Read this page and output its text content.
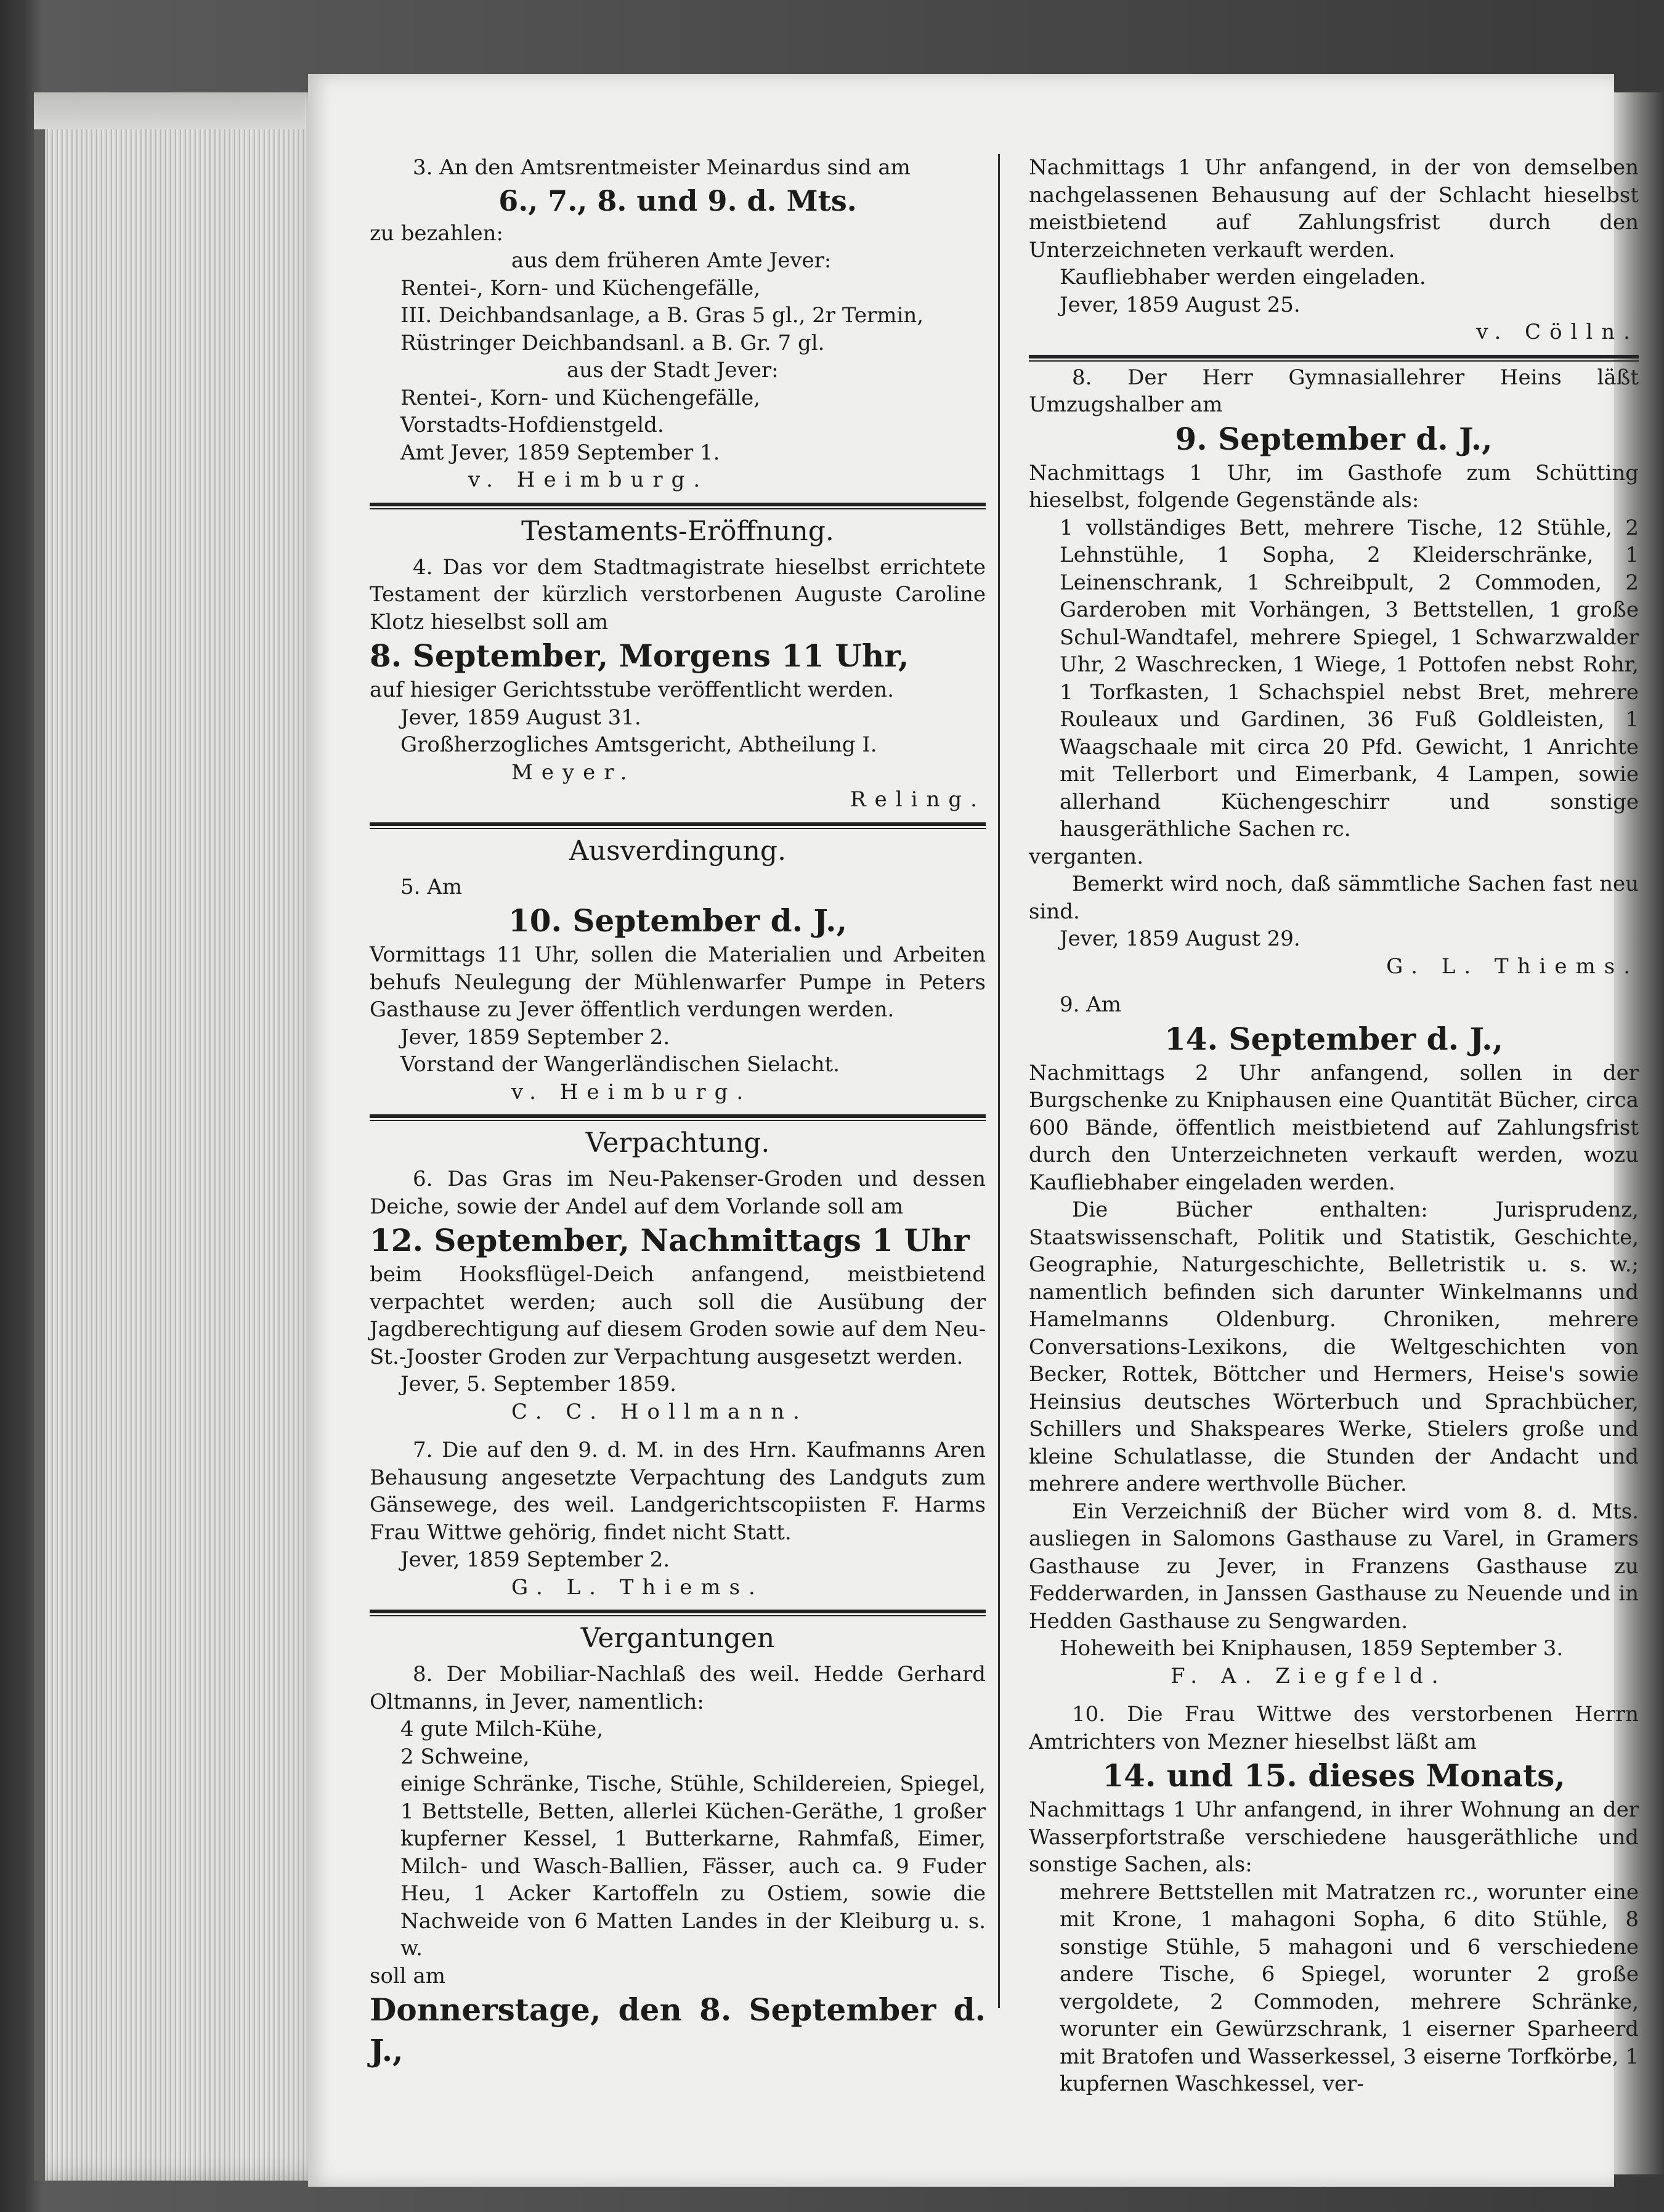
3. An den Amtsrentmeister Meinardus sind am

6., 7., 8. und 9. d. Mts.

zu bezahlen:

aus dem früheren Amte Jever:

Rentei-, Korn- und Küchengefälle,

III. Deichbandsanlage, a B. Gras 5 gl., 2r Termin,

Rüstringer Deichbandsanl. a B. Gr. 7 gl.

aus der Stadt Jever:

Rentei-, Korn- und Küchengefälle,

Vorstadts-Hofdienstgeld.

Amt Jever, 1859 September 1.

v. Heimburg.

Testaments-Eröffnung.

4. Das vor dem Stadtmagistrate hieselbst errichtete Testament der kürzlich verstorbenen Auguste Caroline Klotz hieselbst soll am

8. September, Morgens 11 Uhr,

auf hiesiger Gerichtsstube veröffentlicht werden.

Jever, 1859 August 31.

Großherzogliches Amtsgericht, Abtheilung I.

Meyer.

Reling.

Ausverdingung.

5. Am

10. September d. J.,

Vormittags 11 Uhr, sollen die Materialien und Arbeiten behufs Neulegung der Mühlenwarfer Pumpe in Peters Gasthause zu Jever öffentlich verdungen werden.

Jever, 1859 September 2.

Vorstand der Wangerländischen Sielacht.

v. Heimburg.

Verpachtung.

6. Das Gras im Neu-Pakenser-Groden und dessen Deiche, sowie der Andel auf dem Vorlande soll am

12. September, Nachmittags 1 Uhr

beim Hooksflügel-Deich anfangend, meistbietend verpachtet werden; auch soll die Ausübung der Jagdberechtigung auf diesem Groden sowie auf dem Neu-St.-Jooster Groden zur Verpachtung ausgesetzt werden.

Jever, 5. September 1859.

C. C. Hollmann.

7. Die auf den 9. d. M. in des Hrn. Kaufmanns Aren Behausung angesetzte Verpachtung des Landguts zum Gänsewege, des weil. Landgerichtscopiisten F. Harms Frau Wittwe gehörig, findet nicht Statt.

Jever, 1859 September 2.

G. L. Thiems.

Vergantungen

8. Der Mobiliar-Nachlaß des weil. Hedde Gerhard Oltmanns, in Jever, namentlich:

4 gute Milch-Kühe,

2 Schweine,

einige Schränke, Tische, Stühle, Schildereien, Spiegel, 1 Bettstelle, Betten, allerlei Küchen-Geräthe, 1 großer kupferner Kessel, 1 Butterkarne, Rahmfaß, Eimer, Milch- und Wasch-Ballien, Fässer, auch ca. 9 Fuder Heu, 1 Acker Kartoffeln zu Ostiem, sowie die Nachweide von 6 Matten Landes in der Kleiburg u. s. w.

soll am

Donnerstage, den 8. September d. J.,

Nachmittags 1 Uhr anfangend, in der von demselben nachgelassenen Behausung auf der Schlacht hieselbst meistbietend auf Zahlungsfrist durch den Unterzeichneten verkauft werden.

Kaufliebhaber werden eingeladen.

Jever, 1859 August 25.

v. Cölln.

8. Der Herr Gymnasiallehrer Heins läßt Umzugshalber am

9. September d. J.,

Nachmittags 1 Uhr, im Gasthofe zum Schütting hieselbst, folgende Gegenstände als:

1 vollständiges Bett, mehrere Tische, 12 Stühle, 2 Lehnstühle, 1 Sopha, 2 Kleiderschränke, 1 Leinenschrank, 1 Schreibpult, 2 Commoden, 2 Garderoben mit Vorhängen, 3 Bettstellen, 1 große Schul-Wandtafel, mehrere Spiegel, 1 Schwarzwalder Uhr, 2 Waschrecken, 1 Wiege, 1 Pottofen nebst Rohr, 1 Torfkasten, 1 Schachspiel nebst Bret, mehrere Rouleaux und Gardinen, 36 Fuß Goldleisten, 1 Waagschaale mit circa 20 Pfd. Gewicht, 1 Anrichte mit Tellerbort und Eimerbank, 4 Lampen, sowie allerhand Küchengeschirr und sonstige hausgeräthliche Sachen rc.

verganten.

Bemerkt wird noch, daß sämmtliche Sachen fast neu sind.

Jever, 1859 August 29.

G. L. Thiems.

9. Am

14. September d. J.,

Nachmittags 2 Uhr anfangend, sollen in der Burgschenke zu Kniphausen eine Quantität Bücher, circa 600 Bände, öffentlich meistbietend auf Zahlungsfrist durch den Unterzeichneten verkauft werden, wozu Kaufliebhaber eingeladen werden.

Die Bücher enthalten: Jurisprudenz, Staatswissenschaft, Politik und Statistik, Geschichte, Geographie, Naturgeschichte, Belletristik u. s. w.; namentlich befinden sich darunter Winkelmanns und Hamelmanns Oldenburg. Chroniken, mehrere Conversations-Lexikons, die Weltgeschichten von Becker, Rottek, Böttcher und Hermers, Heise's sowie Heinsius deutsches Wörterbuch und Sprachbücher, Schillers und Shakspeares Werke, Stielers große und kleine Schulatlasse, die Stunden der Andacht und mehrere andere werthvolle Bücher.

Ein Verzeichniß der Bücher wird vom 8. d. Mts. ausliegen in Salomons Gasthause zu Varel, in Gramers Gasthause zu Jever, in Franzens Gasthause zu Fedderwarden, in Janssen Gasthause zu Neuende und in Hedden Gasthause zu Sengwarden.

Hoheweith bei Kniphausen, 1859 September 3.

F. A. Ziegfeld.

10. Die Frau Wittwe des verstorbenen Herrn Amtrichters von Mezner hieselbst läßt am

14. und 15. dieses Monats,

Nachmittags 1 Uhr anfangend, in ihrer Wohnung an der Wasserpfortstraße verschiedene hausgeräthliche und sonstige Sachen, als:

mehrere Bettstellen mit Matratzen rc., worunter eine mit Krone, 1 mahagoni Sopha, 6 dito Stühle, 8 sonstige Stühle, 5 mahagoni und 6 verschiedene andere Tische, 6 Spiegel, worunter 2 große vergoldete, 2 Commoden, mehrere Schränke, worunter ein Gewürzschrank, 1 eiserner Sparheerd mit Bratofen und Wasserkessel, 3 eiserne Torfkörbe, 1 kupfernen Waschkessel, ver-
